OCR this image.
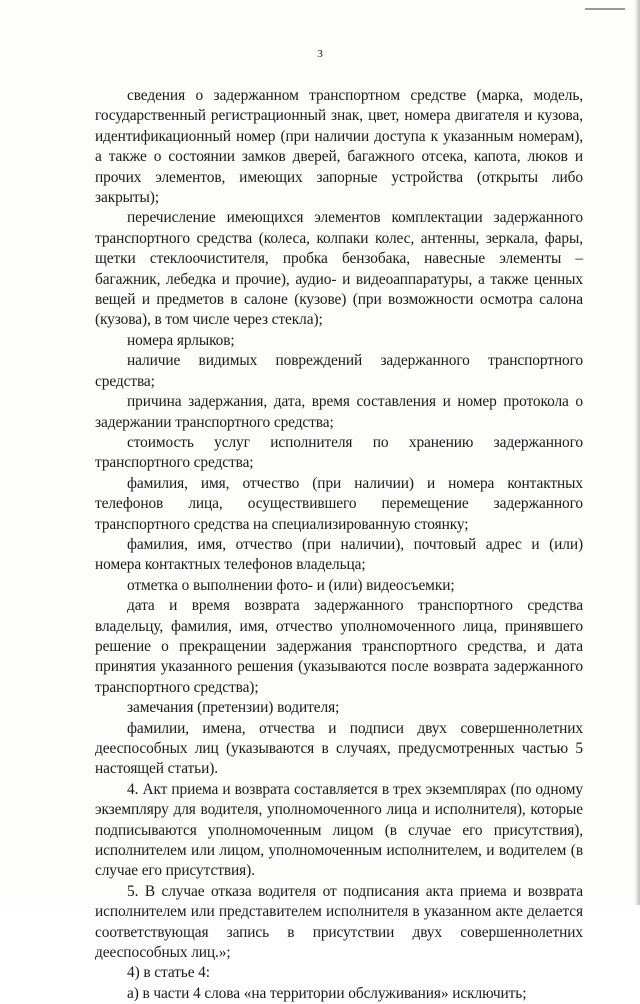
3

сведения о задержанном транспортном средстве (марка, модель, государственный регистрационный знак, цвет, номера двигателя и кузова, идентификационный номер (при наличии доступа к указанным номерам), а также о состоянии замков дверей, багажного отсека, капота, люков и прочих элементов, имеющих запорные устройства (открыты либо закрыты);

перечисление имеющихся элементов комплектации задержанного транспортного средства (колеса, колпаки колес, антенны, зеркала, фары, щетки стеклоочистителя, пробка бензобака, навесные элементы – багажник, лебедка и прочие), аудио- и видеоаппаратуры, а также ценных вещей и предметов в салоне (кузове) (при возможности осмотра салона (кузова), в том числе через стекла);

номера ярлыков;

наличие видимых повреждений задержанного транспортного средства;

причина задержания, дата, время составления и номер протокола о задержании транспортного средства;

стоимость услуг исполнителя по хранению задержанного транспортного средства;

фамилия, имя, отчество (при наличии) и номера контактных телефонов лица, осуществившего перемещение задержанного транспортного средства на специализированную стоянку;

фамилия, имя, отчество (при наличии), почтовый адрес и (или) номера контактных телефонов владельца;

отметка о выполнении фото- и (или) видеосъемки;

дата и время возврата задержанного транспортного средства владельцу, фамилия, имя, отчество уполномоченного лица, принявшего решение о прекращении задержания транспортного средства, и дата принятия указанного решения (указываются после возврата задержанного транспортного средства);

замечания (претензии) водителя;

фамилии, имена, отчества и подписи двух совершеннолетних дееспособных лиц (указываются в случаях, предусмотренных частью 5 настоящей статьи).

4. Акт приема и возврата составляется в трех экземплярах (по одному экземпляру для водителя, уполномоченного лица и исполнителя), которые подписываются уполномоченным лицом (в случае его присутствия), исполнителем или лицом, уполномоченным исполнителем, и водителем (в случае его присутствия).

5. В случае отказа водителя от подписания акта приема и возврата исполнителем или представителем исполнителя в указанном акте делается соответствующая запись в присутствии двух совершеннолетних дееспособных лиц.»;

4) в статье 4:

а) в части 4 слова «на территории обслуживания» исключить;
